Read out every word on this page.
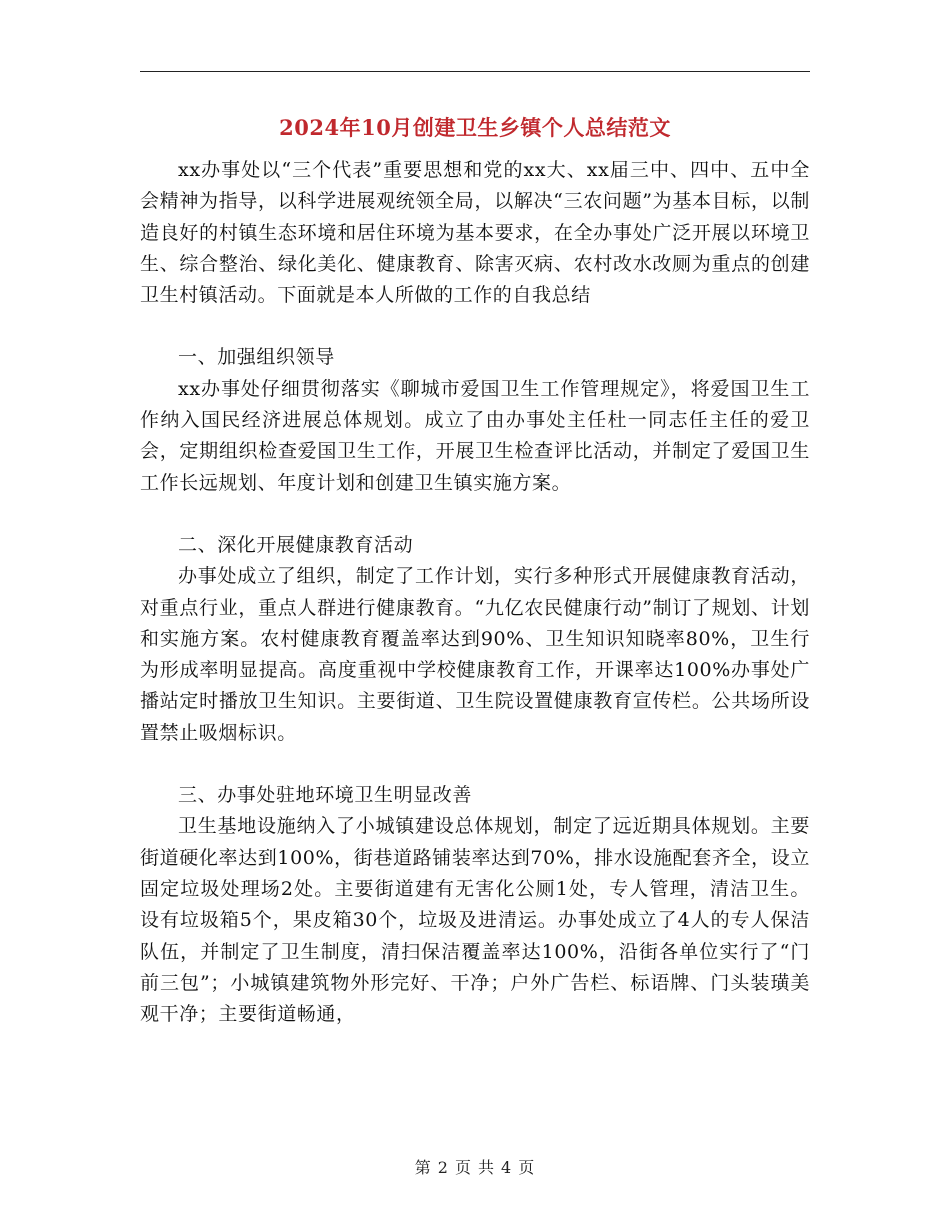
2024年10月创建卫生乡镇个人总结范文

xx办事处以“三个代表”重要思想和党的xx大、xx届三中、四中、五中全会精神为指导，以科学进展观统领全局，以解决“三农问题”为基本目标，以制造良好的村镇生态环境和居住环境为基本要求，在全办事处广泛开展以环境卫生、综合整治、绿化美化、健康教育、除害灭病、农村改水改厕为重点的创建卫生村镇活动。下面就是本人所做的工作的自我总结

一、加强组织领导

xx办事处仔细贯彻落实《聊城市爱国卫生工作管理规定》，将爱国卫生工作纳入国民经济进展总体规划。成立了由办事处主任杜一同志任主任的爱卫会，定期组织检查爱国卫生工作，开展卫生检查评比活动，并制定了爱国卫生工作长远规划、年度计划和创建卫生镇实施方案。

二、深化开展健康教育活动

办事处成立了组织，制定了工作计划，实行多种形式开展健康教育活动，对重点行业，重点人群进行健康教育。“九亿农民健康行动”制订了规划、计划和实施方案。农村健康教育覆盖率达到90%、卫生知识知晓率80%，卫生行为形成率明显提高。高度重视中学校健康教育工作，开课率达100%办事处广播站定时播放卫生知识。主要街道、卫生院设置健康教育宣传栏。公共场所设置禁止吸烟标识。

三、办事处驻地环境卫生明显改善

卫生基地设施纳入了小城镇建设总体规划，制定了远近期具体规划。主要街道硬化率达到100%，街巷道路铺装率达到70%，排水设施配套齐全，设立固定垃圾处理场2处。主要街道建有无害化公厕1处，专人管理，清洁卫生。设有垃圾箱5个，果皮箱30个，垃圾及进清运。办事处成立了4人的专人保洁队伍，并制定了卫生制度，清扫保洁覆盖率达100%，沿街各单位实行了“门前三包”；小城镇建筑物外形完好、干净；户外广告栏、标语牌、门头装璜美观干净；主要街道畅通，

第 2 页 共 4 页
